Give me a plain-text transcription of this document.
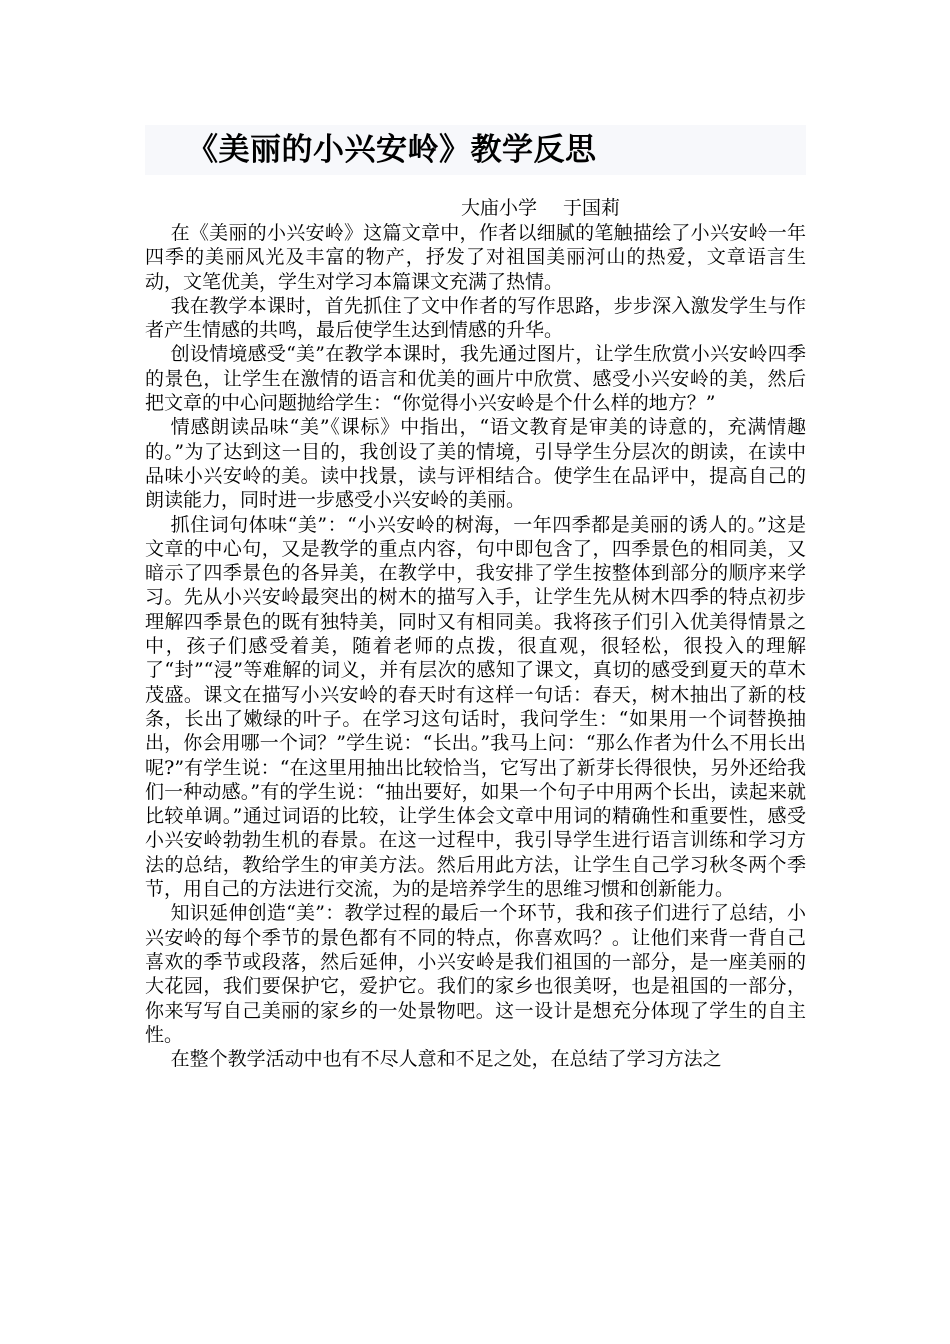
《美丽的小兴安岭》教学反思
大庙小学 于国莉

在《美丽的小兴安岭》这篇文章中，作者以细腻的笔触描绘了小兴安岭一年四季的美丽风光及丰富的物产，抒发了对祖国美丽河山的热爱，文章语言生动，文笔优美，学生对学习本篇课文充满了热情。

我在教学本课时，首先抓住了文中作者的写作思路，步步深入激发学生与作者产生情感的共鸣，最后使学生达到情感的升华。

创设情境感受“美”在教学本课时，我先通过图片，让学生欣赏小兴安岭四季的景色，让学生在激情的语言和优美的画片中欣赏、感受小兴安岭的美，然后把文章的中心问题抛给学生：“你觉得小兴安岭是个什么样的地方？”

情感朗读品味“美”《课标》中指出，“语文教育是审美的诗意的，充满情趣的。”为了达到这一目的，我创设了美的情境，引导学生分层次的朗读，在读中品味小兴安岭的美。读中找景，读与评相结合。使学生在品评中，提高自己的朗读能力，同时进一步感受小兴安岭的美丽。

抓住词句体味“美”：“小兴安岭的树海，一年四季都是美丽的诱人的。”这是文章的中心句，又是教学的重点内容，句中即包含了，四季景色的相同美，又暗示了四季景色的各异美，在教学中，我安排了学生按整体到部分的顺序来学习。先从小兴安岭最突出的树木的描写入手，让学生先从树木四季的特点初步理解四季景色的既有独特美，同时又有相同美。我将孩子们引入优美得情景之中，孩子们感受着美，随着老师的点拨，很直观，很轻松，很投入的理解了“封”“浸”等难解的词义，并有层次的感知了课文，真切的感受到夏天的草木茂盛。课文在描写小兴安岭的春天时有这样一句话：春天，树木抽出了新的枝条，长出了嫩绿的叶子。在学习这句话时，我问学生：“如果用一个词替换抽出，你会用哪一个词？”学生说：“长出。”我马上问：“那么作者为什么不用长出呢?”有学生说：“在这里用抽出比较恰当，它写出了新芽长得很快，另外还给我们一种动感。”有的学生说：“抽出要好，如果一个句子中用两个长出，读起来就比较单调。”通过词语的比较，让学生体会文章中用词的精确性和重要性，感受小兴安岭勃勃生机的春景。在这一过程中，我引导学生进行语言训练和学习方法的总结，教给学生的审美方法。然后用此方法，让学生自己学习秋冬两个季节，用自己的方法进行交流，为的是培养学生的思维习惯和创新能力。

知识延伸创造“美”：教学过程的最后一个环节，我和孩子们进行了总结，小兴安岭的每个季节的景色都有不同的特点，你喜欢吗？。让他们来背一背自己喜欢的季节或段落，然后延伸，小兴安岭是我们祖国的一部分，是一座美丽的大花园，我们要保护它，爱护它。我们的家乡也很美呀，也是祖国的一部分，你来写写自己美丽的家乡的一处景物吧。这一设计是想充分体现了学生的自主性。

在整个教学活动中也有不尽人意和不足之处，在总结了学习方法之
